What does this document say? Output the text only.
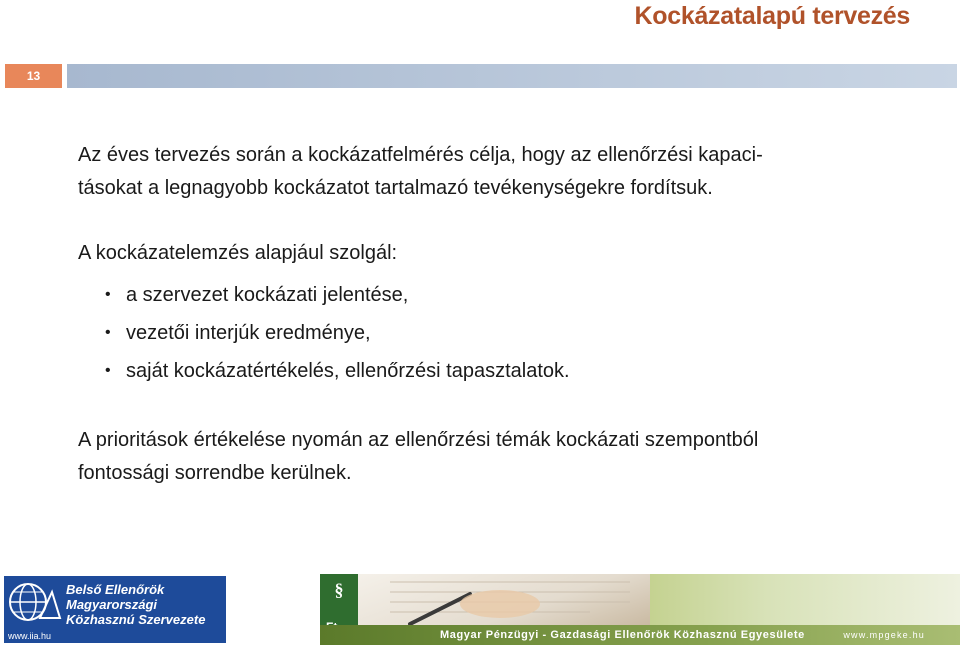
Kockázatalapú tervezés
13

Az éves tervezés során a kockázatfelmérés célja, hogy az ellenőrzési kapaci-
tásokat a legnagyobb kockázatot tartalmazó tevékenységekre fordítsuk.

A kockázatelemzés alapjául szolgál:

• a szervezet kockázati jelentése,
• vezetői interjúk eredménye,
• saját kockázatértékelés, ellenőrzési tapasztalatok.

A prioritások értékelése nyomán az ellenőrzési témák kockázati szempontból
fontossági sorrendbe kerülnek.

Belső Ellenőrök
Magyarországi
Közhasznú Szervezete
www.iia.hu
§
Magyar Pénzügyi - Gazdasági Ellenőrök Közhasznú Egyesülete	www.mpgeke.hu
